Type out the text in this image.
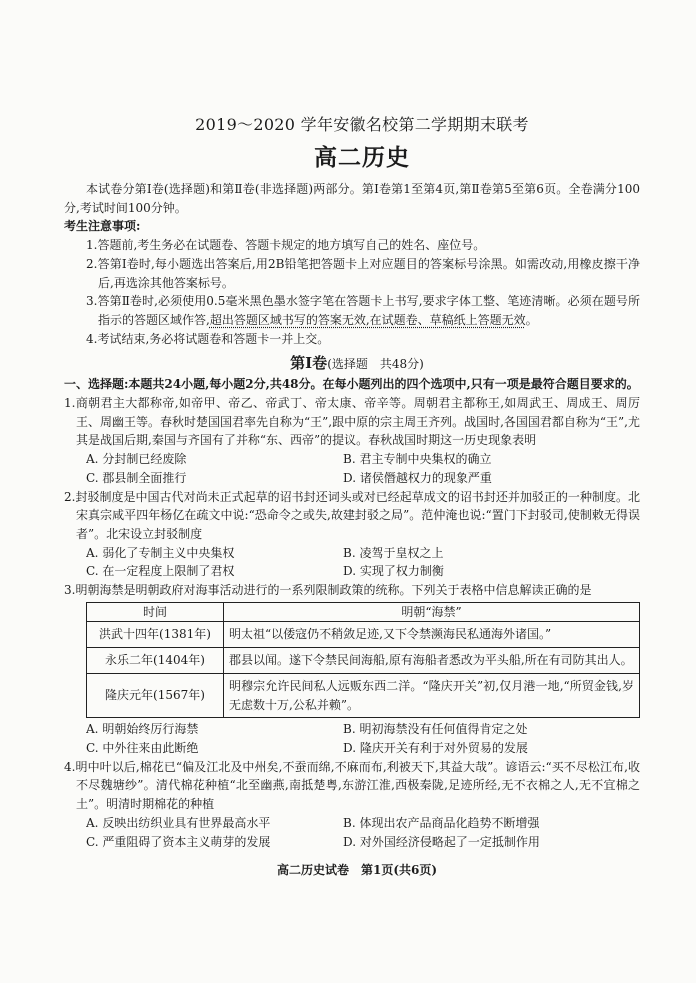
2019～2020 学年安徽名校第二学期期末联考
高二历史

本试卷分第Ⅰ卷(选择题)和第Ⅱ卷(非选择题)两部分。第Ⅰ卷第1至第4页,第Ⅱ卷第5至第6页。全卷满分100分,考试时间100分钟。

考生注意事项:
1.答题前,考生务必在试题卷、答题卡规定的地方填写自己的姓名、座位号。
2.答第Ⅰ卷时,每小题选出答案后,用2B铅笔把答题卡上对应题目的答案标号涂黑。如需改动,用橡皮擦干净后,再选涂其他答案标号。
3.答第Ⅱ卷时,必须使用0.5毫米黑色墨水签字笔在答题卡上书写,要求字体工整、笔迹清晰。必须在题号所指示的答题区域作答,超出答题区域书写的答案无效,在试题卷、草稿纸上答题无效。
4.考试结束,务必将试题卷和答题卡一并上交。
第Ⅰ卷(选择题　共48分)
一、选择题:本题共24小题,每小题2分,共48分。在每小题列出的四个选项中,只有一项是最符合题目要求的。
1.商朝君主大都称帝,如帝甲、帝乙、帝武丁、帝太康、帝辛等。周朝君主都称王,如周武王、周成王、周厉王、周幽王等。春秋时楚国国君率先自称为“王”,跟中原的宗主周王齐列。战国时,各国国君都自称为“王”,尤其是战国后期,秦国与齐国有了并称“东、西帝”的提议。春秋战国时期这一历史现象表明
A. 分封制已经废除	B. 君主专制中央集权的确立
C. 郡县制全面推行	D. 诸侯僭越权力的现象严重
2.封驳制度是中国古代对尚未正式起草的诏书封还词头或对已经起草成文的诏书封还并加驳正的一种制度。北宋真宗咸平四年杨亿在疏文中说:“恐命令之或失,故建封驳之局”。范仲淹也说:“置门下封驳司,使制敕无得误者”。北宋设立封驳制度
A. 弱化了专制主义中央集权	B. 凌驾于皇权之上
C. 在一定程度上限制了君权	D. 实现了权力制衡
3.明朝海禁是明朝政府对海事活动进行的一系列限制政策的统称。下列关于表格中信息解读正确的是
时间	明朝“海禁”
洪武十四年(1381年)	明太祖“以倭寇仍不稍敛足迹,又下令禁濒海民私通海外诸国。”
永乐二年(1404年)	郡县以闻。遂下令禁民间海船,原有海船者悉改为平头船,所在有司防其出人。
隆庆元年(1567年)	明穆宗允许民间私人远贩东西二洋。“隆庆开关”初,仅月港一地,“所贸金钱,岁无虑数十万,公私并赖”。
A. 明朝始终厉行海禁	B. 明初海禁没有任何值得肯定之处
C. 中外往来由此断绝	D. 隆庆开关有利于对外贸易的发展
4.明中叶以后,棉花已“偏及江北及中州矣,不蚕而绵,不麻而布,利被天下,其益大哉”。谚语云:“买不尽松江布,收不尽魏塘纱”。清代棉花种植“北至幽燕,南抵楚粤,东游江淮,西极秦陇,足迹所经,无不衣棉之人,无不宜棉之土”。明清时期棉花的种植
A. 反映出纺织业具有世界最高水平	B. 体现出农产品商品化趋势不断增强
C. 严重阻碍了资本主义萌芽的发展	D. 对外国经济侵略起了一定抵制作用
高二历史试卷　第1页(共6页)
